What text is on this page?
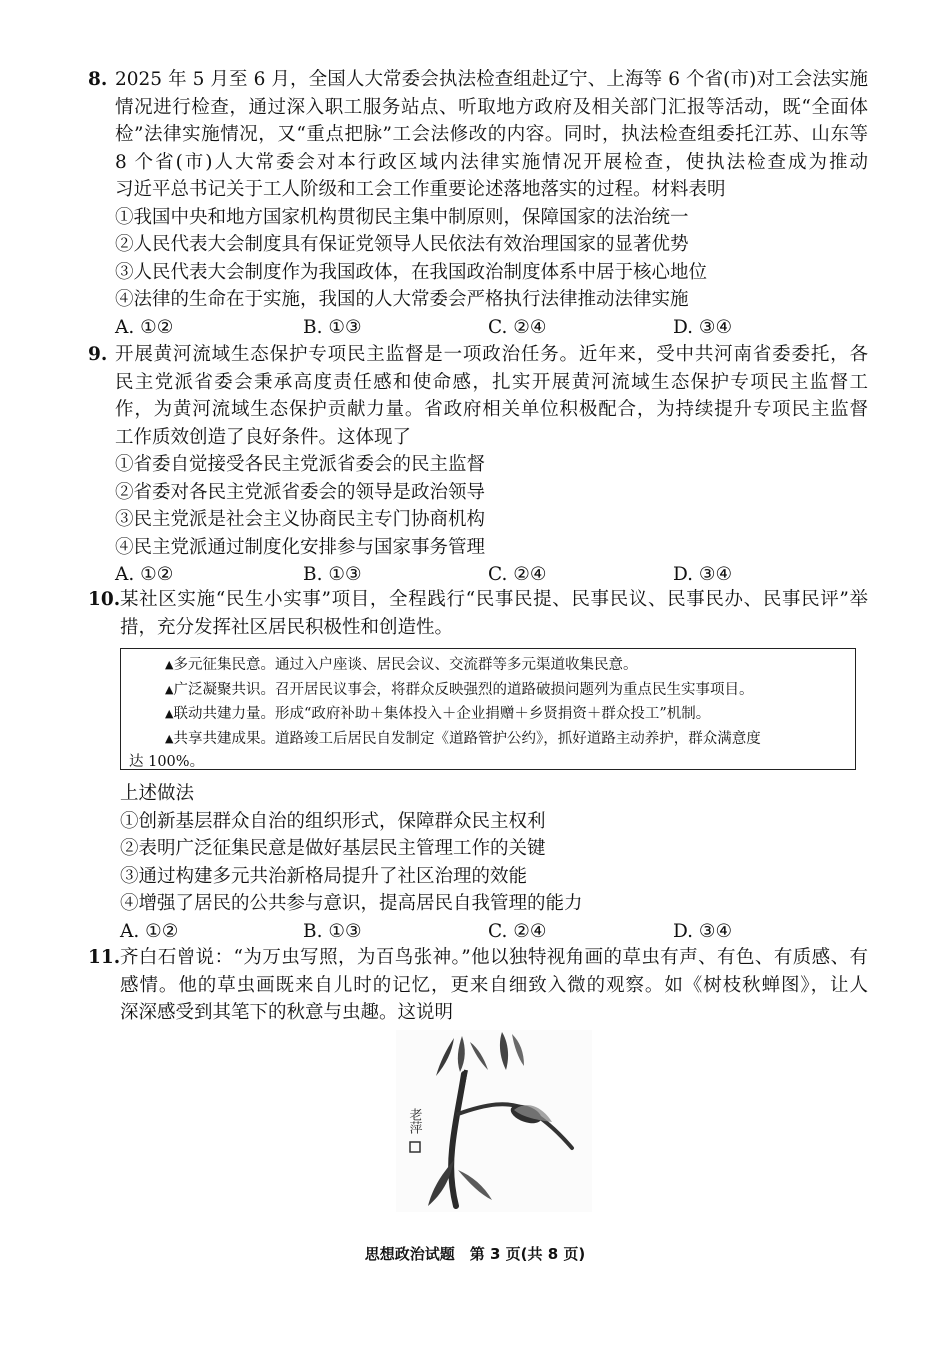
8. 2025 年 5 月至 6 月，全国人大常委会执法检查组赴辽宁、上海等 6 个省(市)对工会法实施
情况进行检查，通过深入职工服务站点、听取地方政府及相关部门汇报等活动，既“全面体
检”法律实施情况，又“重点把脉”工会法修改的内容。同时，执法检查组委托江苏、山东等
8 个省(市)人大常委会对本行政区域内法律实施情况开展检查，使执法检查成为推动
习近平总书记关于工人阶级和工会工作重要论述落地落实的过程。材料表明
①我国中央和地方国家机构贯彻民主集中制原则，保障国家的法治统一
②人民代表大会制度具有保证党领导人民依法有效治理国家的显著优势
③人民代表大会制度作为我国政体，在我国政治制度体系中居于核心地位
④法律的生命在于实施，我国的人大常委会严格执行法律推动法律实施
A. ①②	B. ①③	C. ②④	D. ③④
9. 开展黄河流域生态保护专项民主监督是一项政治任务。近年来，受中共河南省委委托，各
民主党派省委会秉承高度责任感和使命感，扎实开展黄河流域生态保护专项民主监督工
作，为黄河流域生态保护贡献力量。省政府相关单位积极配合，为持续提升专项民主监督
工作质效创造了良好条件。这体现了
①省委自觉接受各民主党派省委会的民主监督
②省委对各民主党派省委会的领导是政治领导
③民主党派是社会主义协商民主专门协商机构
④民主党派通过制度化安排参与国家事务管理
A. ①②	B. ①③	C. ②④	D. ③④
10. 某社区实施“民生小实事”项目，全程践行“民事民提、民事民议、民事民办、民事民评”举
措，充分发挥社区居民积极性和创造性。
▲多元征集民意。通过入户座谈、居民会议、交流群等多元渠道收集民意。
▲广泛凝聚共识。召开居民议事会，将群众反映强烈的道路破损问题列为重点民生实事项目。
▲联动共建力量。形成“政府补助＋集体投入＋企业捐赠＋乡贤捐资＋群众投工”机制。
▲共享共建成果。道路竣工后居民自发制定《道路管护公约》，抓好道路主动养护，群众满意度
达 100%。
上述做法
①创新基层群众自治的组织形式，保障群众民主权利
②表明广泛征集民意是做好基层民主管理工作的关键
③通过构建多元共治新格局提升了社区治理的效能
④增强了居民的公共参与意识，提高居民自我管理的能力
A. ①②	B. ①③	C. ②④	D. ③④
11. 齐白石曾说：“为万虫写照，为百鸟张神。”他以独特视角画的草虫有声、有色、有质感、有
感情。他的草虫画既来自儿时的记忆，更来自细致入微的观察。如《树枝秋蝉图》，让人
深深感受到其笔下的秋意与虫趣。这说明
老萍
思想政治试题　第 3 页(共 8 页)
